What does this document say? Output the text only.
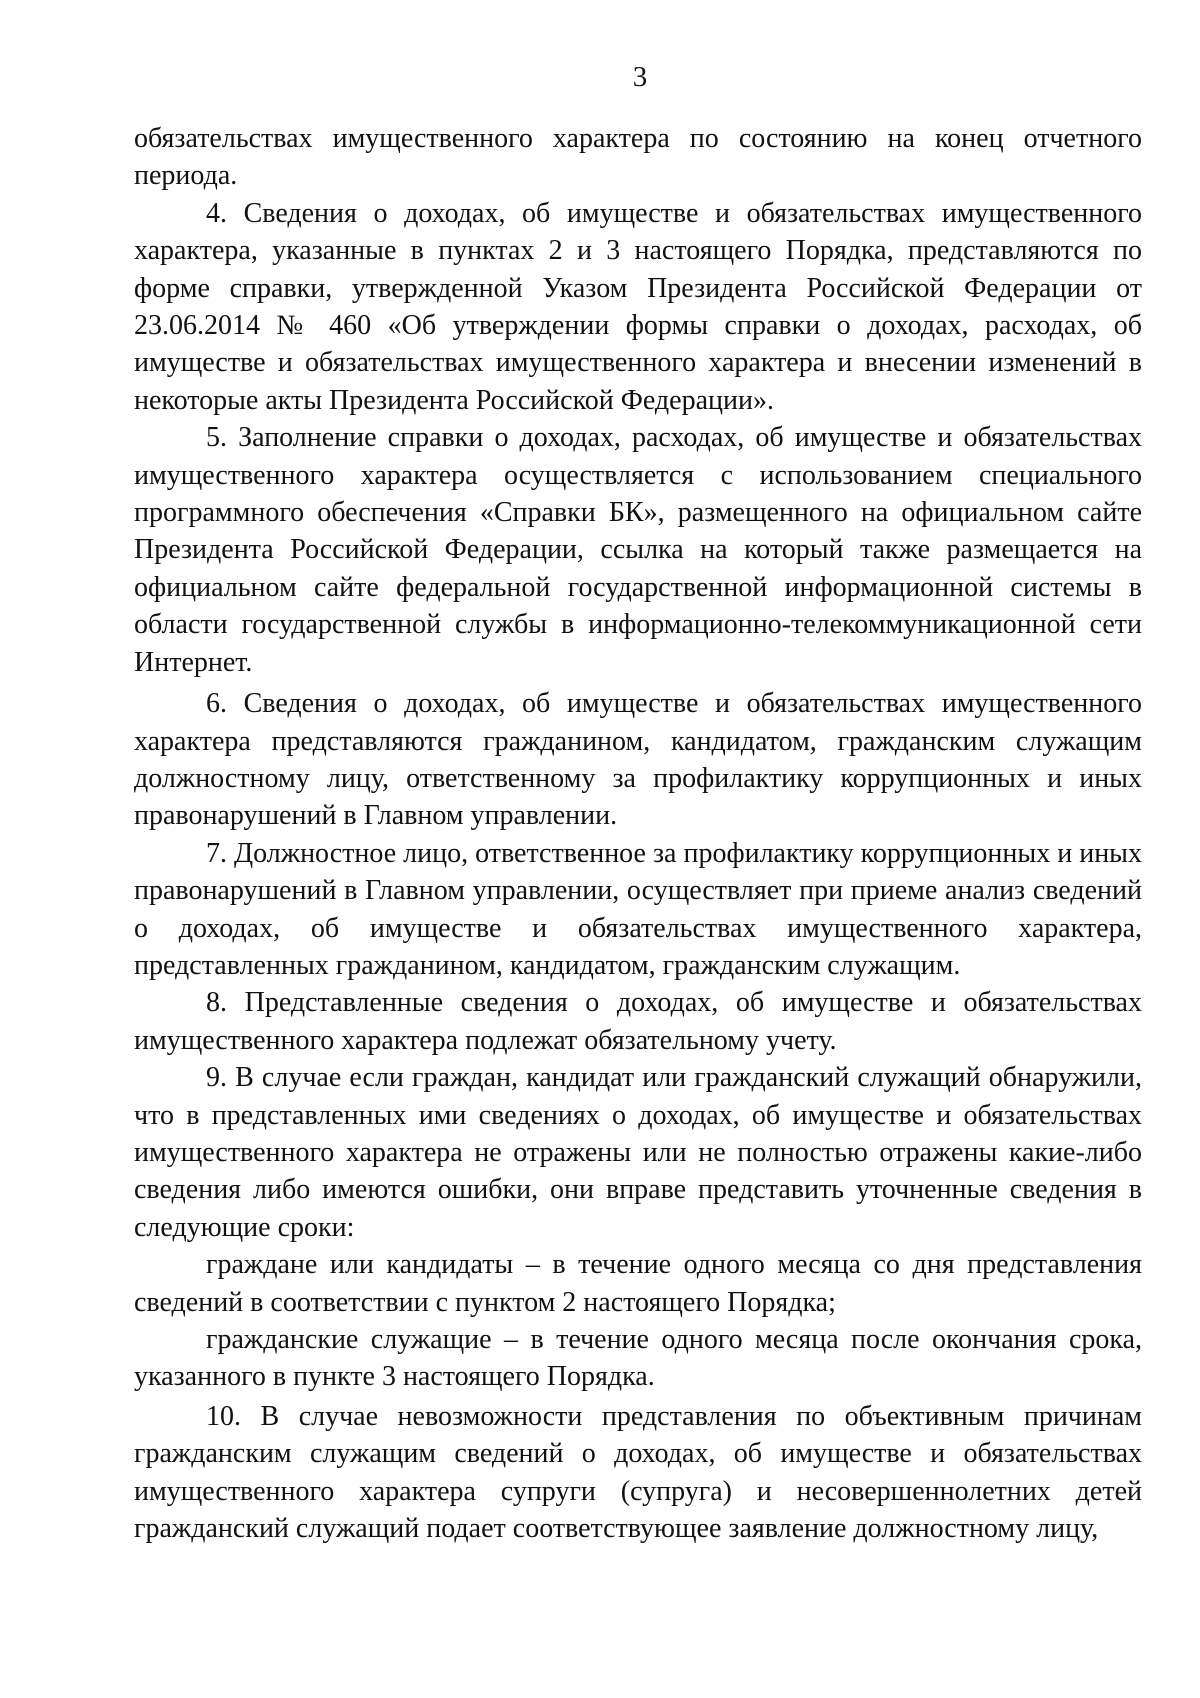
3

обязательствах имущественного характера по состоянию на конец отчетного периода.

4. Сведения о доходах, об имуществе и обязательствах имущественного характера, указанные в пунктах 2 и 3 настоящего Порядка, представляются по форме справки, утвержденной Указом Президента Российской Федерации от 23.06.2014 № 460 «Об утверждении формы справки о доходах, расходах, об имуществе и обязательствах имущественного характера и внесении изменений в некоторые акты Президента Российской Федерации».

5. Заполнение справки о доходах, расходах, об имуществе и обязательствах имущественного характера осуществляется с использованием специального программного обеспечения «Справки БК», размещенного на официальном сайте Президента Российской Федерации, ссылка на который также размещается на официальном сайте федеральной государственной информационной системы в области государственной службы в информационно-телекоммуникационной сети Интернет.

6. Сведения о доходах, об имуществе и обязательствах имущественного характера представляются гражданином, кандидатом, гражданским служащим должностному лицу, ответственному за профилактику коррупционных и иных правонарушений в Главном управлении.

7. Должностное лицо, ответственное за профилактику коррупционных и иных правонарушений в Главном управлении, осуществляет при приеме анализ сведений о доходах, об имуществе и обязательствах имущественного характера, представленных гражданином, кандидатом, гражданским служащим.

8. Представленные сведения о доходах, об имуществе и обязательствах имущественного характера подлежат обязательному учету.

9. В случае если граждан, кандидат или гражданский служащий обнаружили, что в представленных ими сведениях о доходах, об имуществе и обязательствах имущественного характера не отражены или не полностью отражены какие-либо сведения либо имеются ошибки, они вправе представить уточненные сведения в следующие сроки:

граждане или кандидаты – в течение одного месяца со дня представления сведений в соответствии с пунктом 2 настоящего Порядка;

гражданские служащие – в течение одного месяца после окончания срока, указанного в пункте 3 настоящего Порядка.

10. В случае невозможности представления по объективным причинам гражданским служащим сведений о доходах, об имуществе и обязательствах имущественного характера супруги (супруга) и несовершеннолетних детей гражданский служащий подает соответствующее заявление должностному лицу,
